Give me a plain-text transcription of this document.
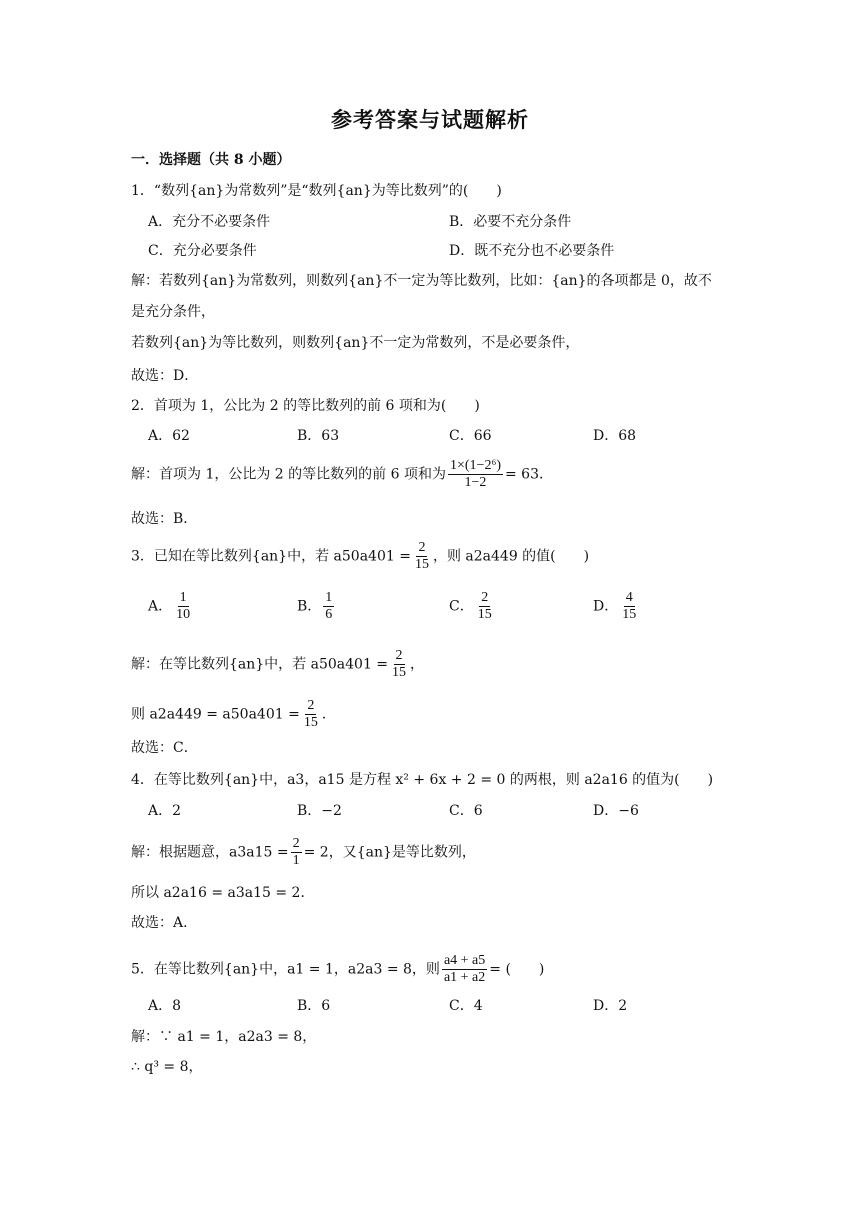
参考答案与试题解析
一．选择题（共 8 小题）
1．“数列{an}为常数列”是“数列{an}为等比数列”的(　　)
A．充分不必要条件	B．必要不充分条件
C．充分必要条件	D．既不充分也不必要条件
解：若数列{an}为常数列，则数列{an}不一定为等比数列，比如：{an}的各项都是 0，故不
是充分条件，
若数列{an}为等比数列，则数列{an}不一定为常数列，不是必要条件，
故选：D．
2．首项为 1，公比为 2 的等比数列的前 6 项和为(　　)
A．62	B．63	C．66	D．68
解：首项为 1，公比为 2 的等比数列的前 6 项和为 $\frac{\text{1×(1−2⁶)}}{1-2} = 63$．
故选：B．
3．已知在等比数列{an}中，若 $a50a401 = \frac{2}{15}$ ，则 a2a449 的值(　　)
A． $\frac{1}{10}$	B． $\frac{1}{6}$	C． $\frac{2}{15}$	D． $\frac{4}{15}$
解：在等比数列{an}中，若 $a50a401 = \frac{2}{15}$ ，
则 $a2a449 = a50a401 = \frac{2}{15}$ ．
故选：C．
4．在等比数列{an}中，a3，a15 是方程 x² + 6x + 2 = 0 的两根，则 a2a16 的值为(　　)
A．2	B．−2	C．6	D．−6
解：根据题意，$a3a15 = \frac{2}{1} = 2$，又{an}是等比数列，
所以 a2a16 = a3a15 = 2．
故选：A．
5．在等比数列{an}中，a1 = 1，a2a3 = 8，则 $\frac{a4 + a5}{a1 + a2}$ = (　　)
A．8	B．6	C．4	D．2
解：∵ a1 = 1，a2a3 = 8，
∴ q³ = 8，
